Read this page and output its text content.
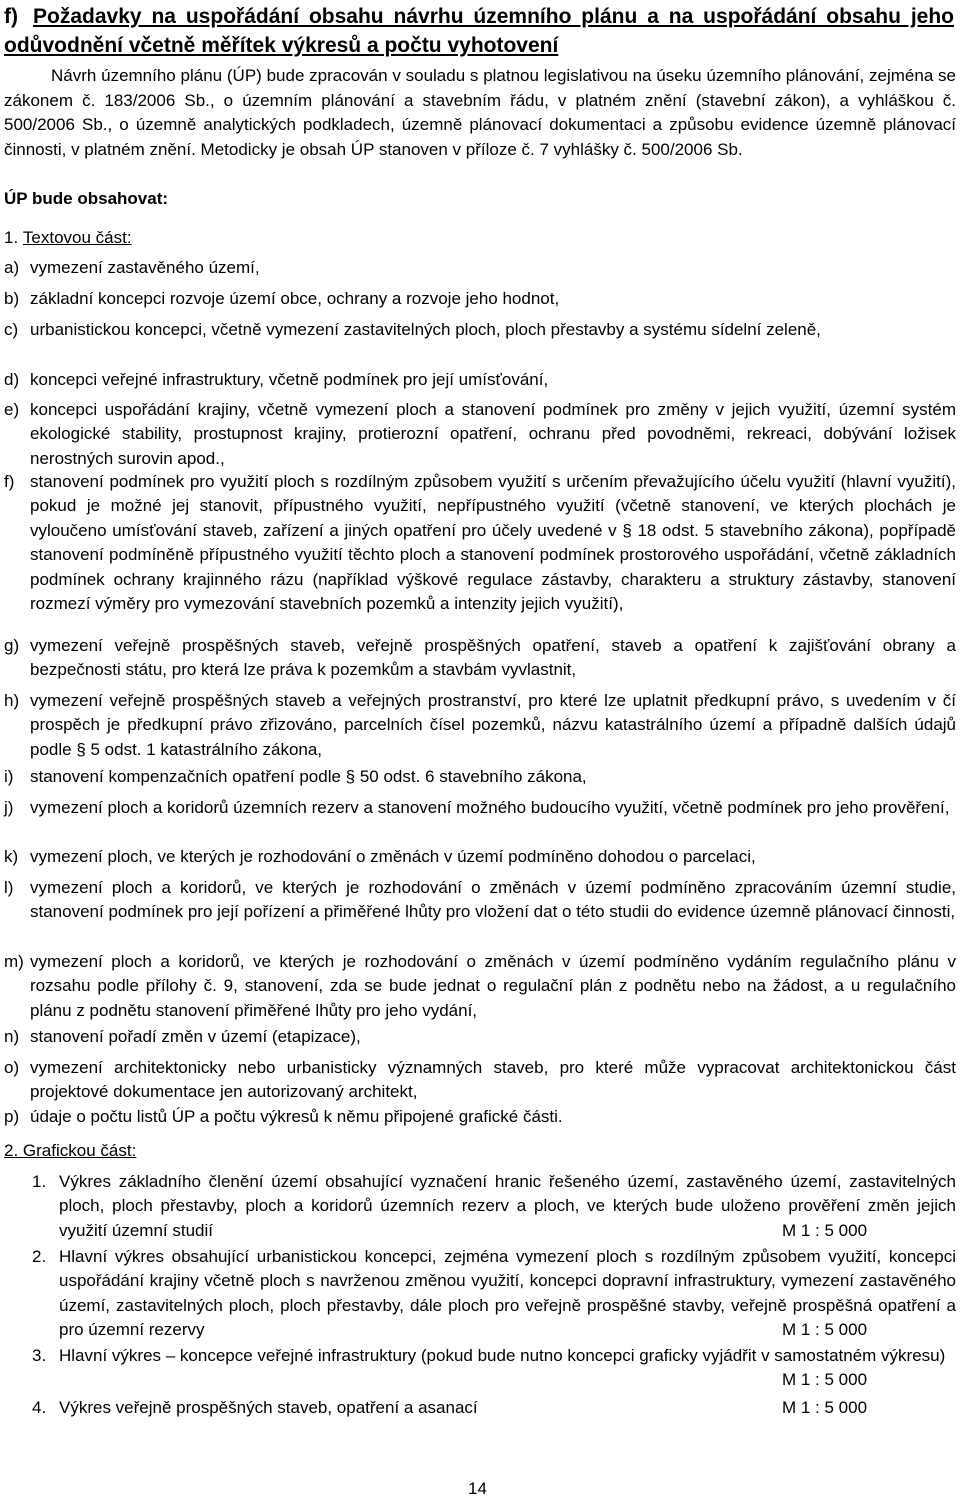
f) Požadavky na uspořádání obsahu návrhu územního plánu a na uspořádání obsahu jeho odůvodnění včetně měřítek výkresů a počtu vyhotovení

Návrh územního plánu (ÚP) bude zpracován v souladu s platnou legislativou na úseku územního plánování, zejména se zákonem č. 183/2006 Sb., o územním plánování a stavebním řádu, v platném znění (stavební zákon), a vyhláškou č. 500/2006 Sb., o územně analytických podkladech, územně plánovací dokumentaci a způsobu evidence územně plánovací činnosti, v platném znění. Metodicky je obsah ÚP stanoven v příloze č. 7 vyhlášky č. 500/2006 Sb.

ÚP bude obsahovat:

1. Textovou část:

a) vymezení zastavěného území,
b) základní koncepci rozvoje území obce, ochrany a rozvoje jeho hodnot,
c) urbanistickou koncepci, včetně vymezení zastavitelných ploch, ploch přestavby a systému sídelní zeleně,
d) koncepci veřejné infrastruktury, včetně podmínek pro její umísťování,
e) koncepci uspořádání krajiny, včetně vymezení ploch a stanovení podmínek pro změny v jejich využití, územní systém ekologické stability, prostupnost krajiny, protierozní opatření, ochranu před povodněmi, rekreaci, dobývání ložisek nerostných surovin apod.,
f) stanovení podmínek pro využití ploch s rozdílným způsobem využití s určením převažujícího účelu využití (hlavní využití), pokud je možné jej stanovit, přípustného využití, nepřípustného využití (včetně stanovení, ve kterých plochách je vyloučeno umísťování staveb, zařízení a jiných opatření pro účely uvedené v § 18 odst. 5 stavebního zákona), popřípadě stanovení podmíněně přípustného využití těchto ploch a stanovení podmínek prostorového uspořádání, včetně základních podmínek ochrany krajinného rázu (například výškové regulace zástavby, charakteru a struktury zástavby, stanovení rozmezí výměry pro vymezování stavebních pozemků a intenzity jejich využití),
g) vymezení veřejně prospěšných staveb, veřejně prospěšných opatření, staveb a opatření k zajišťování obrany a bezpečnosti státu, pro která lze práva k pozemkům a stavbám vyvlastnit,
h) vymezení veřejně prospěšných staveb a veřejných prostranství, pro které lze uplatnit předkupní právo, s uvedením v čí prospěch je předkupní právo zřizováno, parcelních čísel pozemků, názvu katastrálního území a případně dalších údajů podle § 5 odst. 1 katastrálního zákona,
i) stanovení kompenzačních opatření podle § 50 odst. 6 stavebního zákona,
j) vymezení ploch a koridorů územních rezerv a stanovení možného budoucího využití, včetně podmínek pro jeho prověření,
k) vymezení ploch, ve kterých je rozhodování o změnách v území podmíněno dohodou o parcelaci,
l) vymezení ploch a koridorů, ve kterých je rozhodování o změnách v území podmíněno zpracováním územní studie, stanovení podmínek pro její pořízení a přiměřené lhůty pro vložení dat o této studii do evidence územně plánovací činnosti,
m) vymezení ploch a koridorů, ve kterých je rozhodování o změnách v území podmíněno vydáním regulačního plánu v rozsahu podle přílohy č. 9, stanovení, zda se bude jednat o regulační plán z podnětu nebo na žádost, a u regulačního plánu z podnětu stanovení přiměřené lhůty pro jeho vydání,
n) stanovení pořadí změn v území (etapizace),
o) vymezení architektonicky nebo urbanisticky významných staveb, pro které může vypracovat architektonickou část projektové dokumentace jen autorizovaný architekt,
p) údaje o počtu listů ÚP a počtu výkresů k němu připojené grafické části.

2. Grafickou část:

1. Výkres základního členění území obsahující vyznačení hranic řešeného území, zastavěného území, zastavitelných ploch, ploch přestavby, ploch a koridorů územních rezerv a ploch, ve kterých bude uloženo prověření změn jejich využití územní studií	M 1 : 5 000
2. Hlavní výkres obsahující urbanistickou koncepci, zejména vymezení ploch s rozdílným způsobem využití, koncepci uspořádání krajiny včetně ploch s navrženou změnou využití, koncepci dopravní infrastruktury, vymezení zastavěného území, zastavitelných ploch, ploch přestavby, dále ploch pro veřejně prospěšné stavby, veřejně prospěšná opatření a pro územní rezervy	M 1 : 5 000
3. Hlavní výkres – koncepce veřejné infrastruktury (pokud bude nutno koncepci graficky vyjádřit v samostatném výkresu)
M 1 : 5 000
4. Výkres veřejně prospěšných staveb, opatření a asanací	M 1 : 5 000
14
